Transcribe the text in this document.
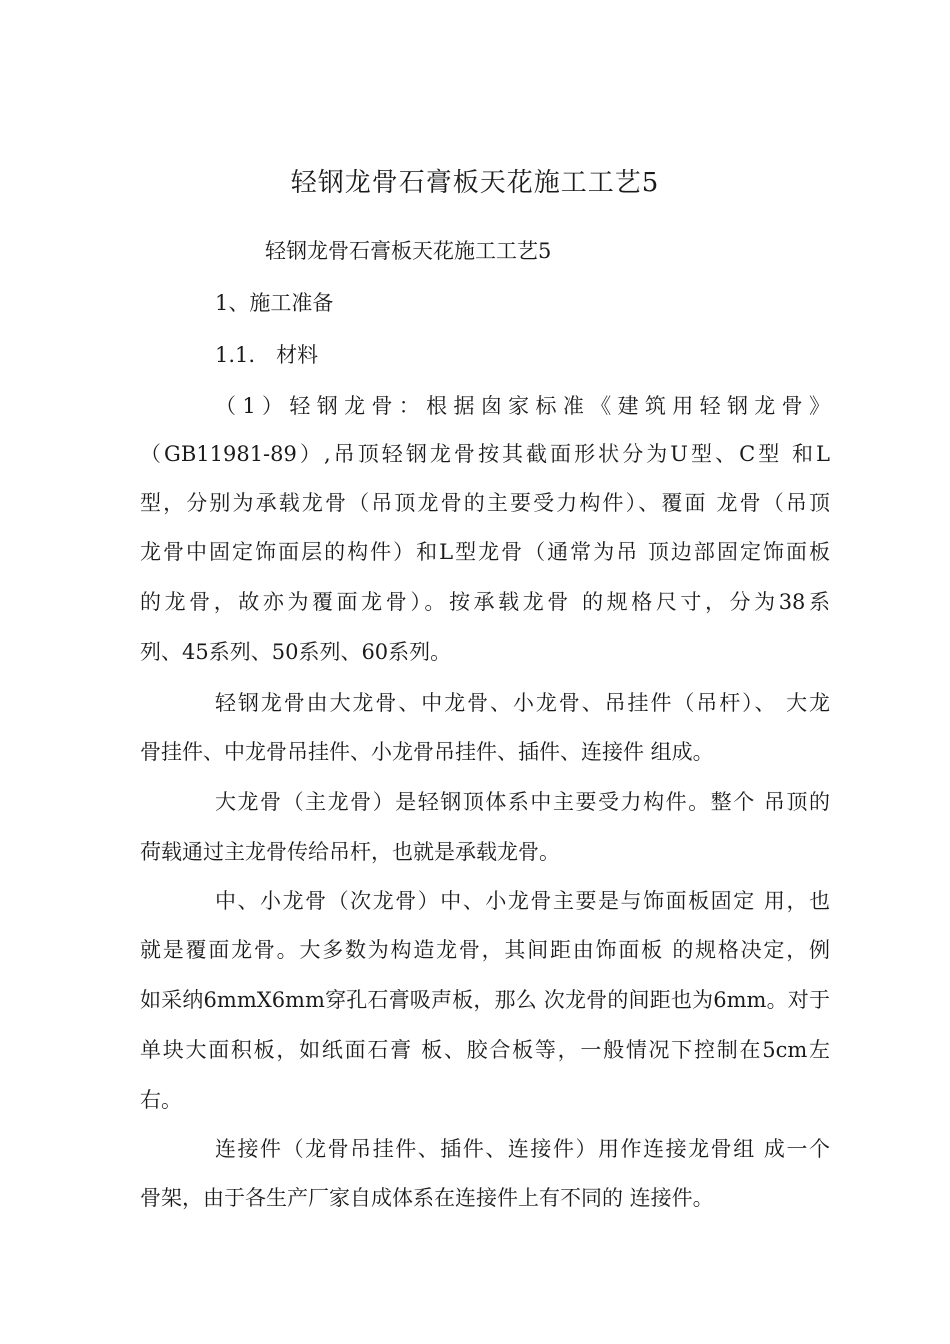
轻钢龙骨石膏板天花施工工艺5

轻钢龙骨石膏板天花施工工艺5

1、施工准备

1.1.　材料

（1）轻钢龙骨：根据囱家标准《建筑用轻钢龙骨》

（GB11981-89）,吊顶轻钢龙骨按其截面形状分为U型、C型 和L

型，分别为承载龙骨（吊顶龙骨的主要受力构件）、覆面 龙骨（吊顶

龙骨中固定饰面层的构件）和L型龙骨（通常为吊 顶边部固定饰面板

的龙骨，故亦为覆面龙骨）。按承载龙骨 的规格尺寸，分为38系

列、45系列、50系列、60系列。

轻钢龙骨由大龙骨、中龙骨、小龙骨、吊挂件（吊杆）、 大龙

骨挂件、中龙骨吊挂件、小龙骨吊挂件、插件、连接件 组成。

大龙骨（主龙骨）是轻钢顶体系中主要受力构件。整个 吊顶的

荷载通过主龙骨传给吊杆，也就是承载龙骨。

中、小龙骨（次龙骨）中、小龙骨主要是与饰面板固定 用，也

就是覆面龙骨。大多数为构造龙骨，其间距由饰面板 的规格决定，例

如采纳6mmX6mm穿孔石膏吸声板，那么 次龙骨的间距也为6mm。对于

单块大面积板，如纸面石膏 板、胶合板等，一般情况下控制在5cm左

右。

连接件（龙骨吊挂件、插件、连接件）用作连接龙骨组 成一个

骨架，由于各生产厂家自成体系在连接件上有不同的 连接件。
